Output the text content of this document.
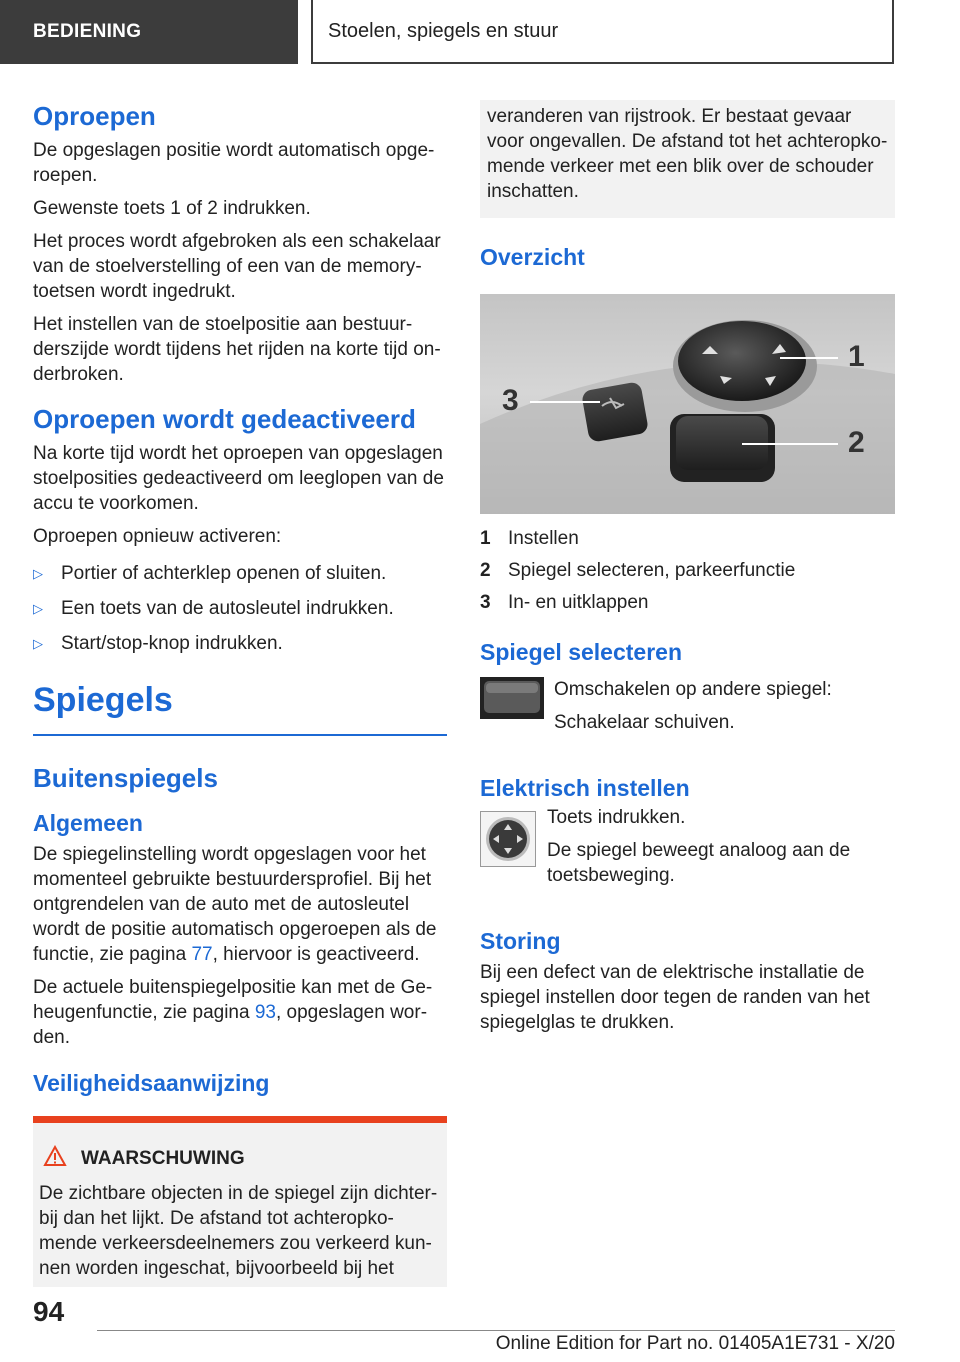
BEDIENING	Stoelen, spiegels en stuur
Oproepen

De opgeslagen positie wordt automatisch opge-roepen.

Gewenste toets 1 of 2 indrukken.

Het proces wordt afgebroken als een schakelaar van de stoelverstelling of een van de memory-toetsen wordt ingedrukt.

Het instellen van de stoelpositie aan bestuur-derszijde wordt tijdens het rijden na korte tijd on-derbroken.

Oproepen wordt gedeactiveerd

Na korte tijd wordt het oproepen van opgeslagen stoelposities gedeactiveerd om leeglopen van de accu te voorkomen.

Oproepen opnieuw activeren:

▷ Portier of achterklep openen of sluiten.
▷ Een toets van de autosleutel indrukken.
▷ Start/stop-knop indrukken.
Spiegels
Buitenspiegels
Algemeen

De spiegelinstelling wordt opgeslagen voor het momenteel gebruikte bestuurdersprofiel. Bij het ontgrendelen van de auto met de autosleutel wordt de positie automatisch opgeroepen als de functie, zie pagina 77, hiervoor is geactiveerd.

De actuele buitenspiegelpositie kan met de Ge-heugenfunctie, zie pagina 93, opgeslagen wor-den.

Veiligheidsaanwijzing
WAARSCHUWING

De zichtbare objecten in de spiegel zijn dichter-bij dan het lijkt. De afstand tot achteropko-mende verkeersdeelnemers zou verkeerd kun-nen worden ingeschat, bijvoorbeeld bij het

veranderen van rijstrook. Er bestaat gevaar voor ongevallen. De afstand tot het achteropko-mende verkeer met een blik over de schouder inschatten.

Overzicht
1
2
3
1 Instellen
2 Spiegel selecteren, parkeerfunctie
3 In- en uitklappen
Spiegel selecteren

Omschakelen op andere spiegel:

Schakelaar schuiven.

Elektrisch instellen

Toets indrukken.

De spiegel beweegt analoog aan de toetsbeweging.

Storing

Bij een defect van de elektrische installatie de spiegel instellen door tegen de randen van het spiegelglas te drukken.

94
Online Edition for Part no. 01405A1E731 - X/20
